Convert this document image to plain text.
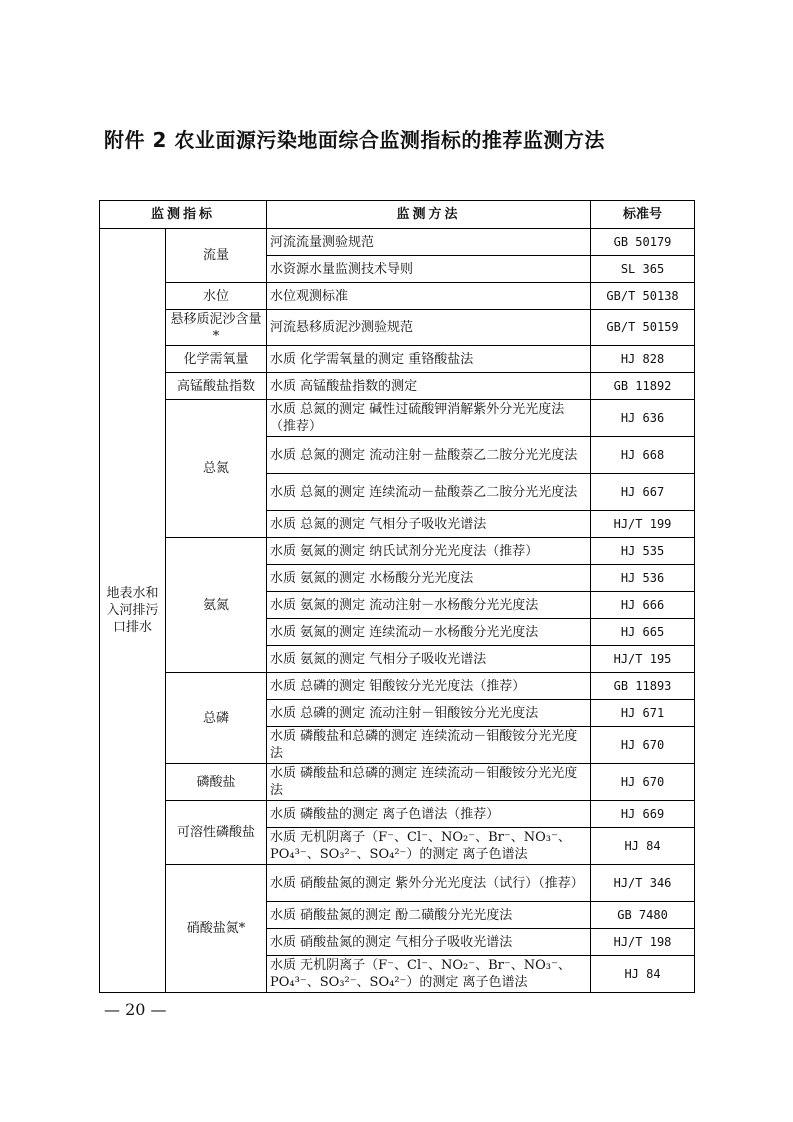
附件 2 农业面源污染地面综合监测指标的推荐监测方法
监测指标		监测方法	标准号
地表水和入河排污口排水	流量	河流流量测验规范	GB 50179
		水资源水量监测技术导则	SL 365
	水位	水位观测标准	GB/T 50138
	悬移质泥沙含量*	河流悬移质泥沙测验规范	GB/T 50159
	化学需氧量	水质 化学需氧量的测定 重铬酸盐法	HJ 828
	高锰酸盐指数	水质 高锰酸盐指数的测定	GB 11892
	总氮	水质 总氮的测定 碱性过硫酸钾消解紫外分光光度法（推荐）	HJ 636
		水质 总氮的测定 流动注射－盐酸萘乙二胺分光光度法	HJ 668
		水质 总氮的测定 连续流动－盐酸萘乙二胺分光光度法	HJ 667
		水质 总氮的测定 气相分子吸收光谱法	HJ/T 199
	氨氮	水质 氨氮的测定 纳氏试剂分光光度法（推荐）	HJ 535
		水质 氨氮的测定 水杨酸分光光度法	HJ 536
		水质 氨氮的测定 流动注射－水杨酸分光光度法	HJ 666
		水质 氨氮的测定 连续流动－水杨酸分光光度法	HJ 665
		水质 氨氮的测定 气相分子吸收光谱法	HJ/T 195
	总磷	水质 总磷的测定 钼酸铵分光光度法（推荐）	GB 11893
		水质 总磷的测定 流动注射－钼酸铵分光光度法	HJ 671
		水质 磷酸盐和总磷的测定 连续流动－钼酸铵分光光度法	HJ 670
	磷酸盐	水质 磷酸盐和总磷的测定 连续流动－钼酸铵分光光度法	HJ 670
	可溶性磷酸盐	水质 磷酸盐的测定 离子色谱法（推荐）	HJ 669
		水质 无机阴离子（F⁻、Cl⁻、NO₂⁻、Br⁻、NO₃⁻、PO₄³⁻、SO₃²⁻、SO₄²⁻）的测定 离子色谱法	HJ 84
	硝酸盐氮*	水质 硝酸盐氮的测定 紫外分光光度法（试行）（推荐）	HJ/T 346
		水质 硝酸盐氮的测定 酚二磺酸分光光度法	GB 7480
		水质 硝酸盐氮的测定 气相分子吸收光谱法	HJ/T 198
		水质 无机阴离子（F⁻、Cl⁻、NO₂⁻、Br⁻、NO₃⁻、PO₄³⁻、SO₃²⁻、SO₄²⁻）的测定 离子色谱法	HJ 84
— 20 —
